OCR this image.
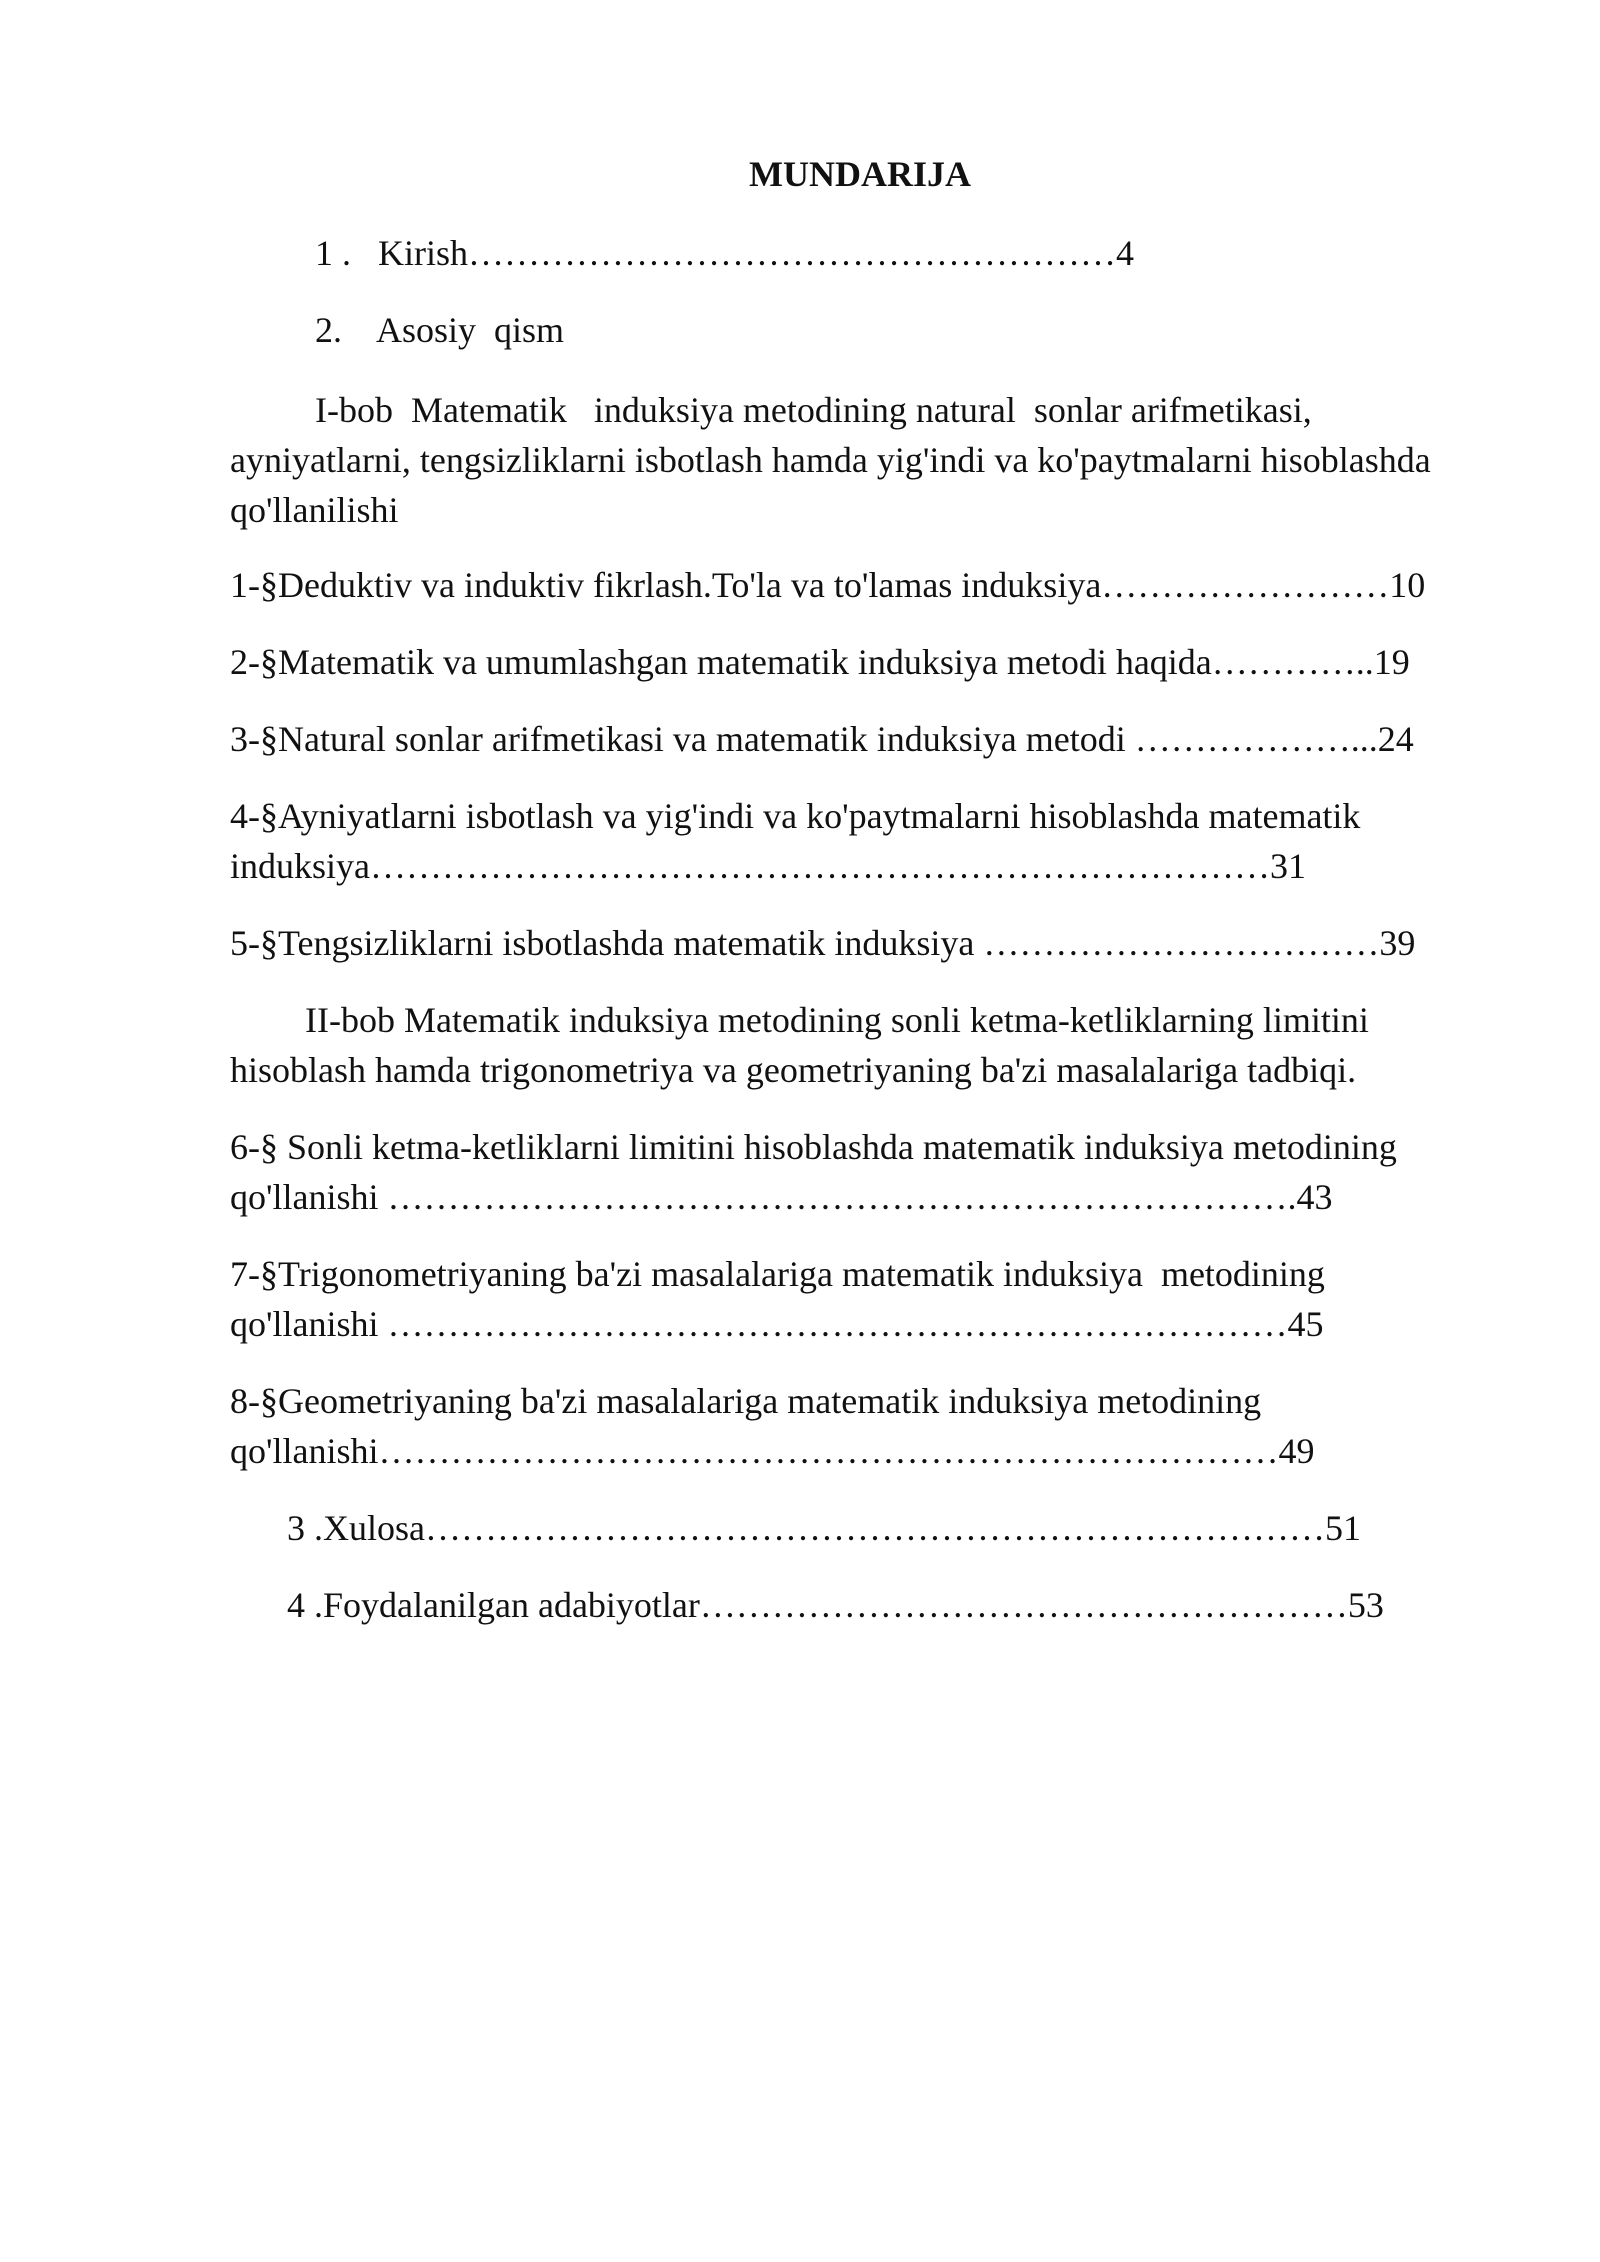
MUNDARIJA
1 .   Kirish………………………………………………4
2.    Asosiy  qism
I-bob  Matematik   induksiya metodining natural  sonlar arifmetikasi,
ayniyatlarni, tengsizliklarni isbotlash hamda yig'indi va ko'paytmalarni hisoblashda
qo'llanilishi
1-§Deduktiv va induktiv fikrlash.To'la va to'lamas induksiya……………………10
2-§Matematik va umumlashgan matematik induksiya metodi haqida…………..19
3-§Natural sonlar arifmetikasi va matematik induksiya metodi ………………...24
4-§Ayniyatlarni isbotlash va yig'indi va ko'paytmalarni hisoblashda matematik
induksiya…………………………………………………………………31
5-§Tengsizliklarni isbotlashda matematik induksiya ……………………………39
II-bob Matematik induksiya metodining sonli ketma-ketliklarning limitini
hisoblash hamda trigonometriya va geometriyaning ba'zi masalalariga tadbiqi.
6-§ Sonli ketma-ketliklarni limitini hisoblashda matematik induksiya metodining
qo'llanishi ………………………………………………………………….43
7-§Trigonometriyaning ba'zi masalalariga matematik induksiya  metodining
qo'llanishi …………………………………………………………………45
8-§Geometriyaning ba'zi masalalariga matematik induksiya metodining
qo'llanishi…………………………………………………………………49
3 .Xulosa…………………………………………………………………51
4 .Foydalanilgan adabiyotlar………………………………………………53
